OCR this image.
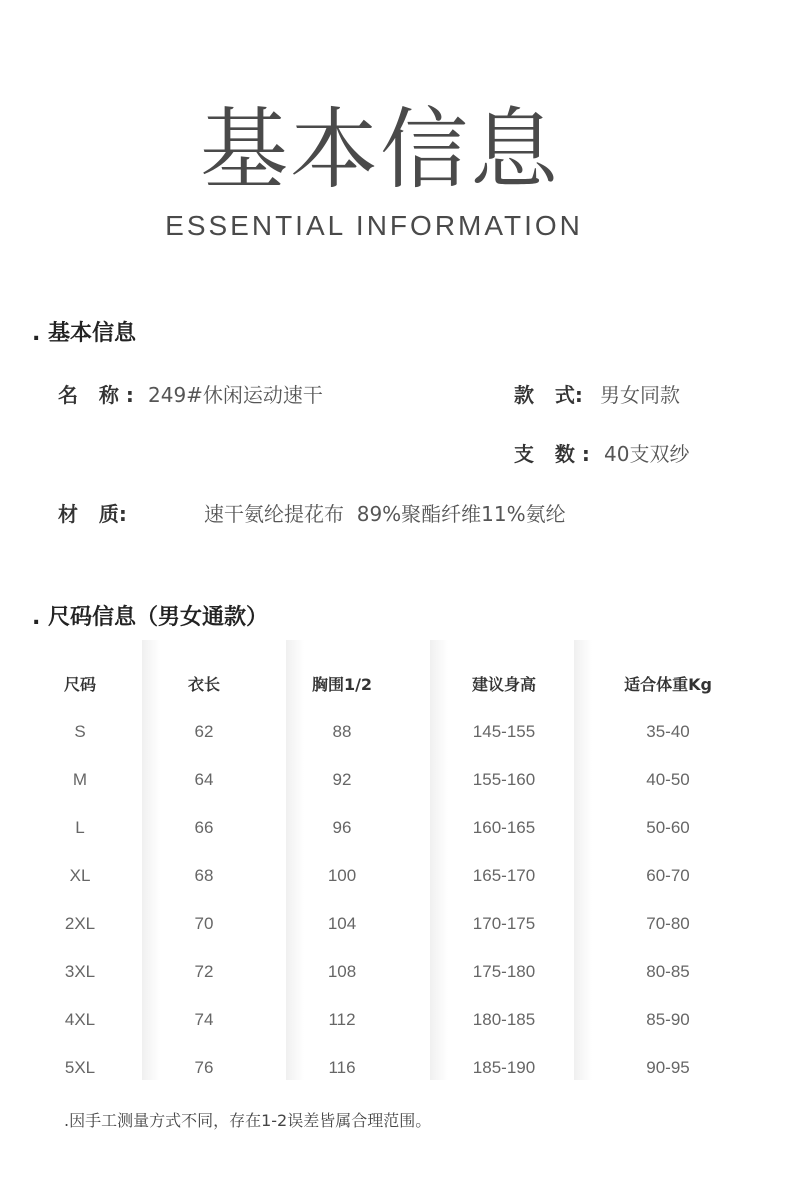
基本信息
ESSENTIAL INFORMATION
. 基本信息
名   称 : 249#休闲运动速干	款   式: 男女同款
支   数 : 40支双纱
材   质:	速干氨纶提花布  89%聚酯纤维11%氨纶
. 尺码信息（男女通款）
尺码	衣长	胸围1/2	建议身高	适合体重Kg
S	62	88	145-155	35-40
M	64	92	155-160	40-50
L	66	96	160-165	50-60
XL	68	100	165-170	60-70
2XL	70	104	170-175	70-80
3XL	72	108	175-180	80-85
4XL	74	112	180-185	85-90
5XL	76	116	185-190	90-95
.因手工测量方式不同，存在1-2误差皆属合理范围。
